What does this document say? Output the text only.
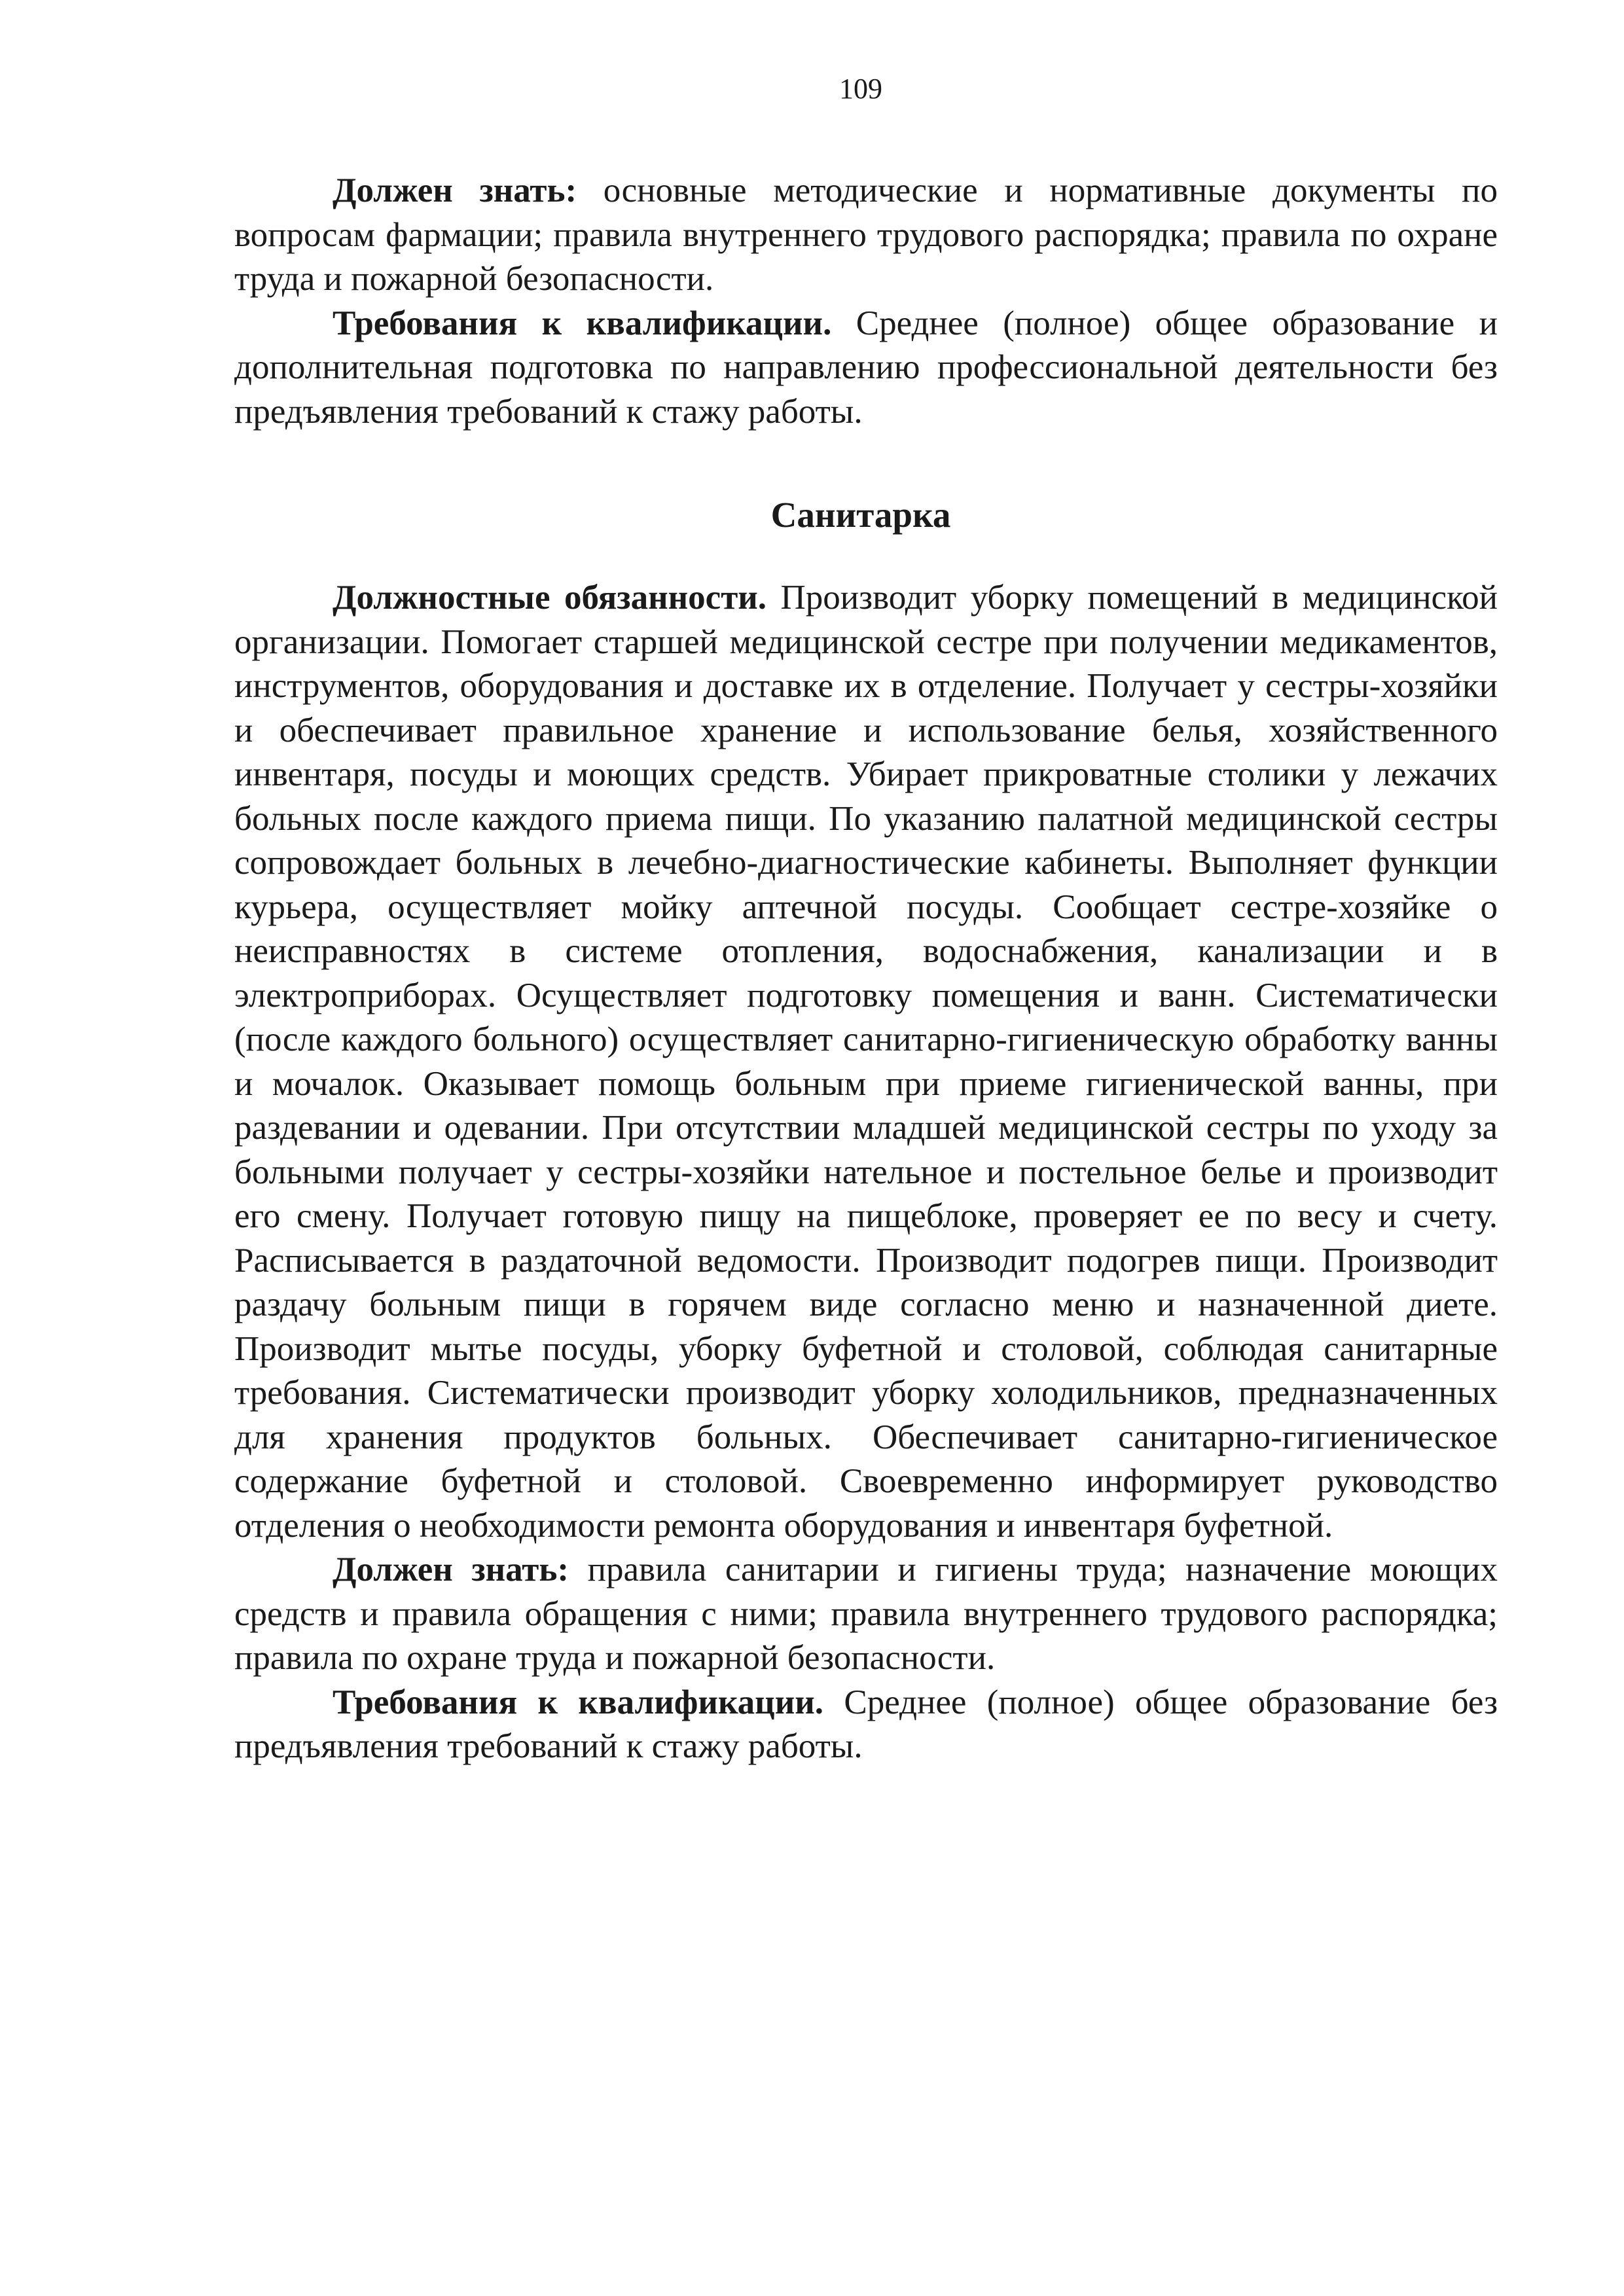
109

Должен знать: основные методические и нормативные документы по вопросам фармации; правила внутреннего трудового распорядка; правила по охране труда и пожарной безопасности.

Требования к квалификации. Среднее (полное) общее образование и дополнительная подготовка по направлению профессиональной деятельности без предъявления требований к стажу работы.

Санитарка

Должностные обязанности. Производит уборку помещений в медицинской организации. Помогает старшей медицинской сестре при получении медикаментов, инструментов, оборудования и доставке их в отделение. Получает у сестры-хозяйки и обеспечивает правильное хранение и использование белья, хозяйственного инвентаря, посуды и моющих средств. Убирает прикроватные столики у лежачих больных после каждого приема пищи. По указанию палатной медицинской сестры сопровождает больных в лечебно-диагностические кабинеты. Выполняет функции курьера, осуществляет мойку аптечной посуды. Сообщает сестре-хозяйке о неисправностях в системе отопления, водоснабжения, канализации и в электроприборах. Осуществляет подготовку помещения и ванн. Систематически (после каждого больного) осуществляет санитарно-гигиеническую обработку ванны и мочалок. Оказывает помощь больным при приеме гигиенической ванны, при раздевании и одевании. При отсутствии младшей медицинской сестры по уходу за больными получает у сестры-хозяйки нательное и постельное белье и производит его смену. Получает готовую пищу на пищеблоке, проверяет ее по весу и счету. Расписывается в раздаточной ведомости. Производит подогрев пищи. Производит раздачу больным пищи в горячем виде согласно меню и назначенной диете. Производит мытье посуды, уборку буфетной и столовой, соблюдая санитарные требования. Систематически производит уборку холодильников, предназначенных для хранения продуктов больных. Обеспечивает санитарно-гигиеническое содержание буфетной и столовой. Своевременно информирует руководство отделения о необходимости ремонта оборудования и инвентаря буфетной.

Должен знать: правила санитарии и гигиены труда; назначение моющих средств и правила обращения с ними; правила внутреннего трудового распорядка; правила по охране труда и пожарной безопасности.

Требования к квалификации. Среднее (полное) общее образование без предъявления требований к стажу работы.
